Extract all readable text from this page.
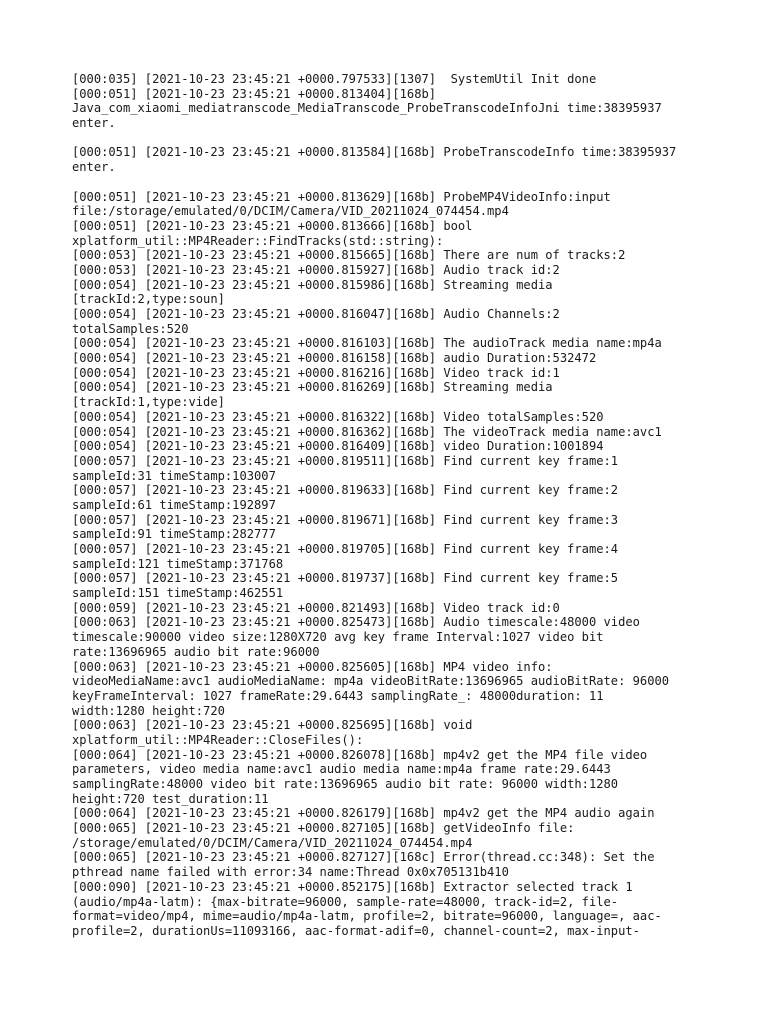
[000:035] [2021-10-23 23:45:21 +0000.797533][1307]  SystemUtil Init done
[000:051] [2021-10-23 23:45:21 +0000.813404][168b]
Java_com_xiaomi_mediatranscode_MediaTranscode_ProbeTranscodeInfoJni time:38395937
enter.
[000:051] [2021-10-23 23:45:21 +0000.813584][168b] ProbeTranscodeInfo time:38395937
enter.
[000:051] [2021-10-23 23:45:21 +0000.813629][168b] ProbeMP4VideoInfo:input
file:/storage/emulated/0/DCIM/Camera/VID_20211024_074454.mp4
[000:051] [2021-10-23 23:45:21 +0000.813666][168b] bool
xplatform_util::MP4Reader::FindTracks(std::string):
[000:053] [2021-10-23 23:45:21 +0000.815665][168b] There are num of tracks:2
[000:053] [2021-10-23 23:45:21 +0000.815927][168b] Audio track id:2
[000:054] [2021-10-23 23:45:21 +0000.815986][168b] Streaming media
[trackId:2,type:soun]
[000:054] [2021-10-23 23:45:21 +0000.816047][168b] Audio Channels:2
totalSamples:520
[000:054] [2021-10-23 23:45:21 +0000.816103][168b] The audioTrack media name:mp4a
[000:054] [2021-10-23 23:45:21 +0000.816158][168b] audio Duration:532472
[000:054] [2021-10-23 23:45:21 +0000.816216][168b] Video track id:1
[000:054] [2021-10-23 23:45:21 +0000.816269][168b] Streaming media
[trackId:1,type:vide]
[000:054] [2021-10-23 23:45:21 +0000.816322][168b] Video totalSamples:520
[000:054] [2021-10-23 23:45:21 +0000.816362][168b] The videoTrack media name:avc1
[000:054] [2021-10-23 23:45:21 +0000.816409][168b] video Duration:1001894
[000:057] [2021-10-23 23:45:21 +0000.819511][168b] Find current key frame:1
sampleId:31 timeStamp:103007
[000:057] [2021-10-23 23:45:21 +0000.819633][168b] Find current key frame:2
sampleId:61 timeStamp:192897
[000:057] [2021-10-23 23:45:21 +0000.819671][168b] Find current key frame:3
sampleId:91 timeStamp:282777
[000:057] [2021-10-23 23:45:21 +0000.819705][168b] Find current key frame:4
sampleId:121 timeStamp:371768
[000:057] [2021-10-23 23:45:21 +0000.819737][168b] Find current key frame:5
sampleId:151 timeStamp:462551
[000:059] [2021-10-23 23:45:21 +0000.821493][168b] Video track id:0
[000:063] [2021-10-23 23:45:21 +0000.825473][168b] Audio timescale:48000 video
timescale:90000 video size:1280X720 avg key frame Interval:1027 video bit
rate:13696965 audio bit rate:96000
[000:063] [2021-10-23 23:45:21 +0000.825605][168b] MP4 video info:
videoMediaName:avc1 audioMediaName: mp4a videoBitRate:13696965 audioBitRate: 96000
keyFrameInterval: 1027 frameRate:29.6443 samplingRate_: 48000duration: 11
width:1280 height:720
[000:063] [2021-10-23 23:45:21 +0000.825695][168b] void
xplatform_util::MP4Reader::CloseFiles():
[000:064] [2021-10-23 23:45:21 +0000.826078][168b] mp4v2 get the MP4 file video
parameters, video media name:avc1 audio media name:mp4a frame rate:29.6443
samplingRate:48000 video bit rate:13696965 audio bit rate: 96000 width:1280
height:720 test_duration:11
[000:064] [2021-10-23 23:45:21 +0000.826179][168b] mp4v2 get the MP4 audio again
[000:065] [2021-10-23 23:45:21 +0000.827105][168b] getVideoInfo file:
/storage/emulated/0/DCIM/Camera/VID_20211024_074454.mp4
[000:065] [2021-10-23 23:45:21 +0000.827127][168c] Error(thread.cc:348): Set the
pthread name failed with error:34 name:Thread 0x0x705131b410
[000:090] [2021-10-23 23:45:21 +0000.852175][168b] Extractor selected track 1
(audio/mp4a-latm): {max-bitrate=96000, sample-rate=48000, track-id=2, file-
format=video/mp4, mime=audio/mp4a-latm, profile=2, bitrate=96000, language=, aac-
profile=2, durationUs=11093166, aac-format-adif=0, channel-count=2, max-input-
